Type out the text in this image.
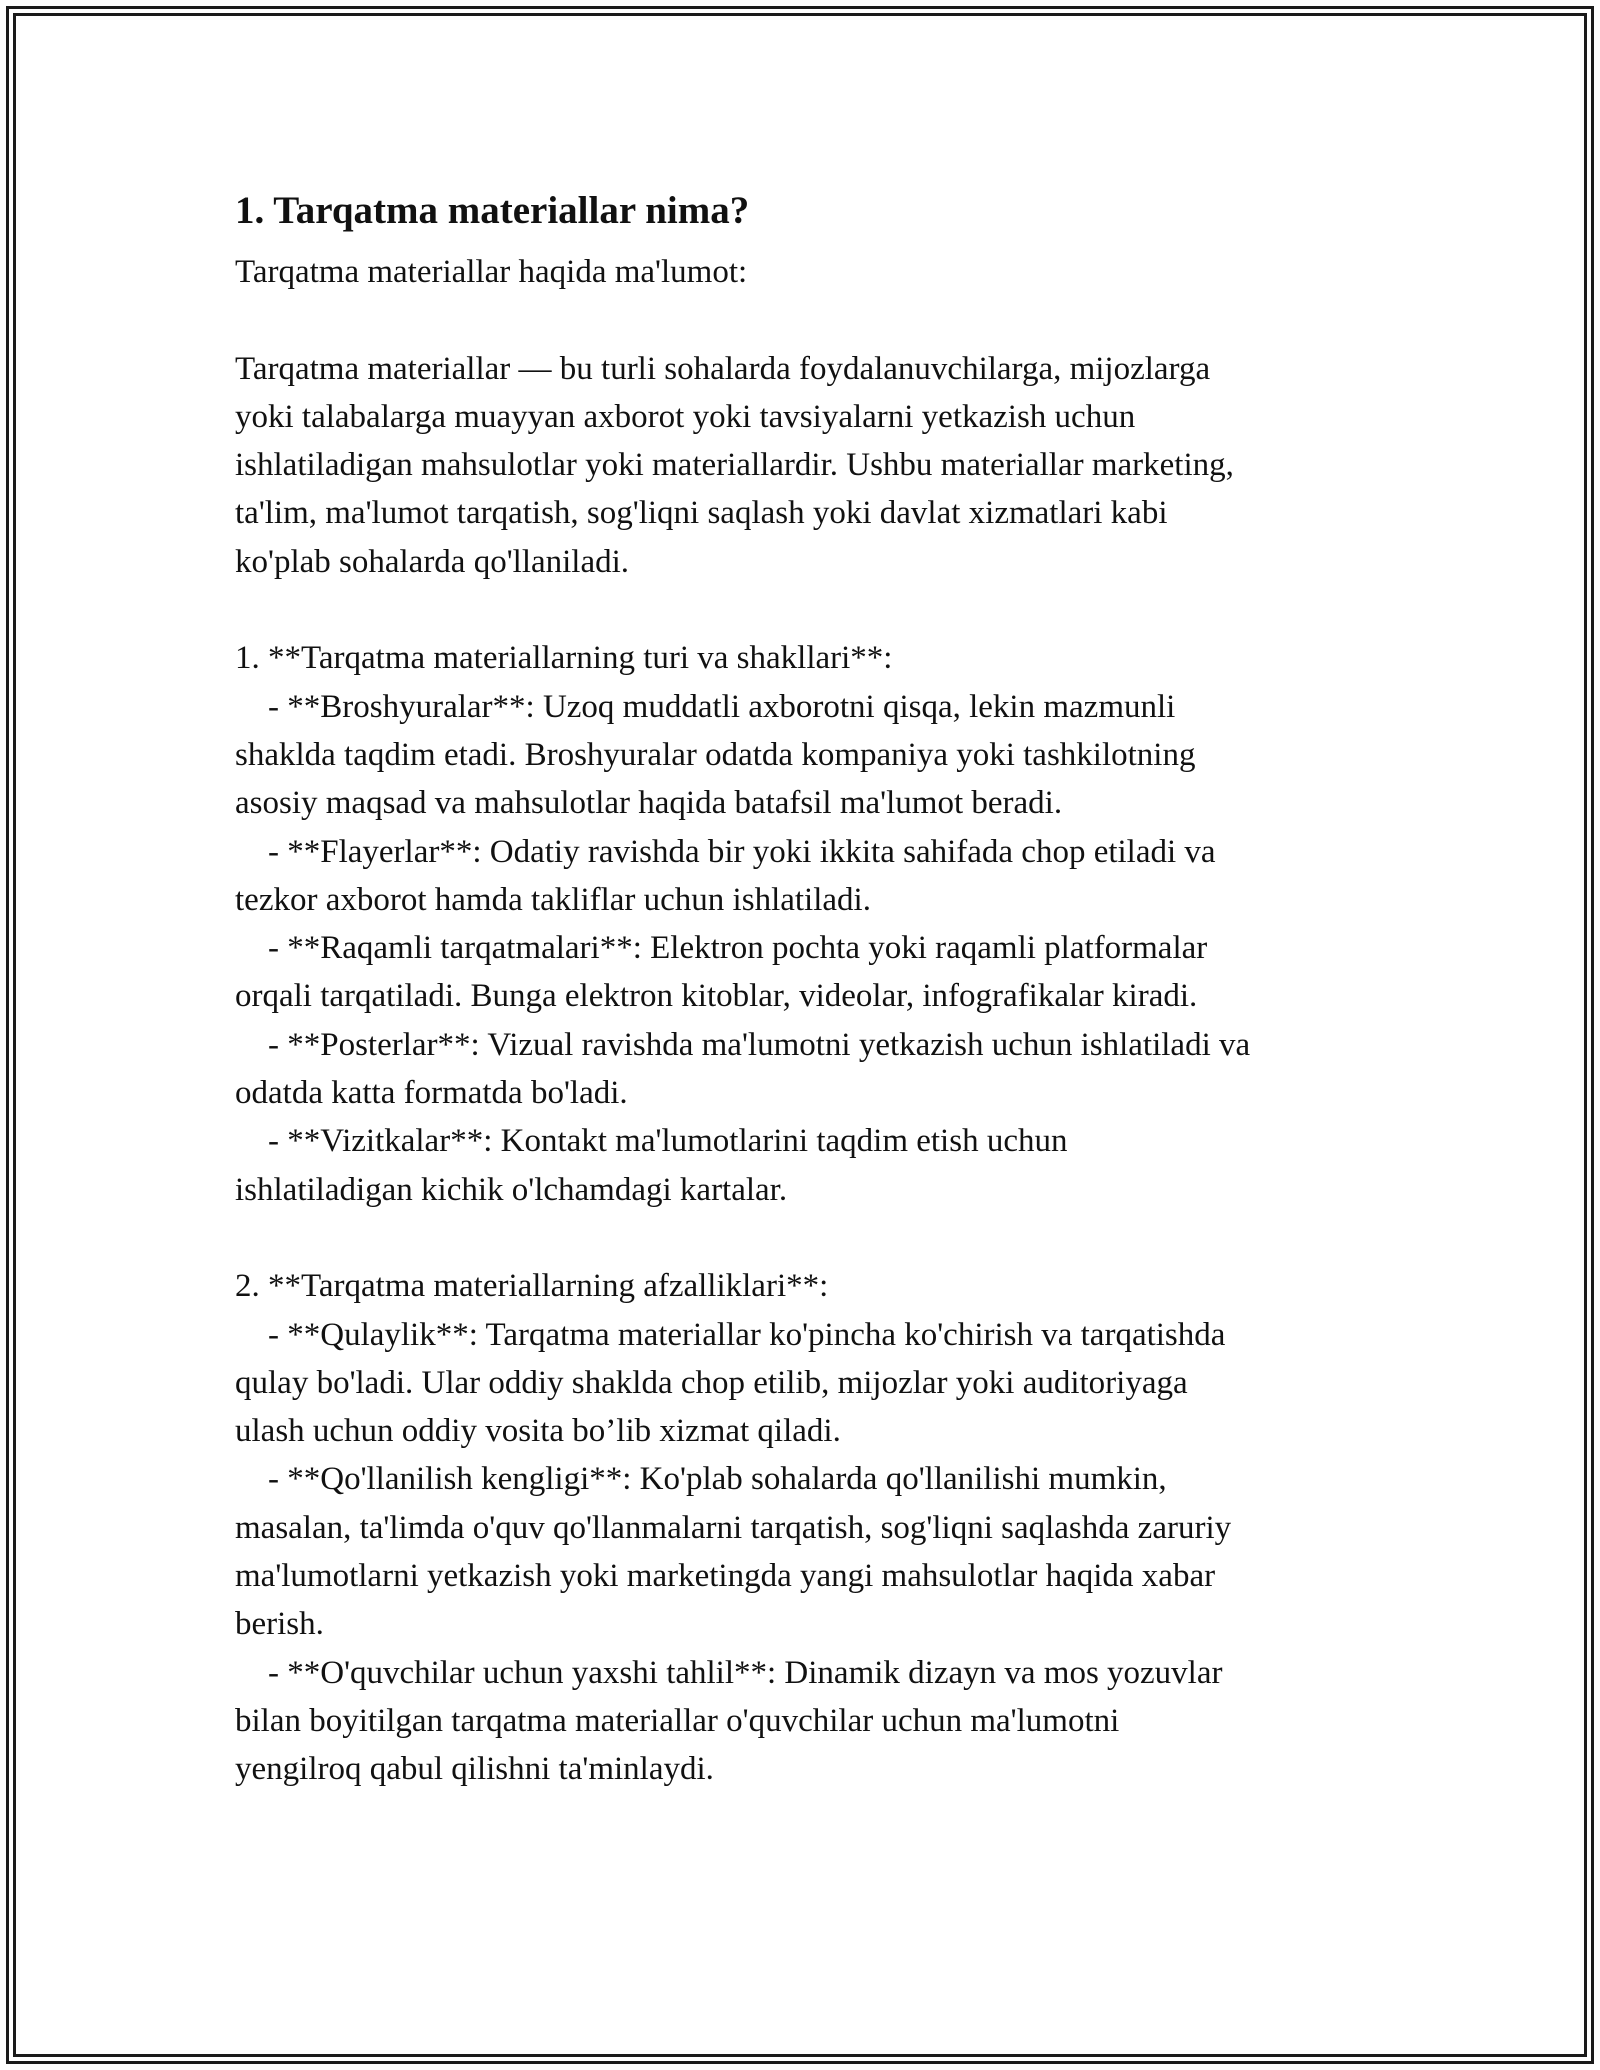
1. Tarqatma materiallar nima?

Tarqatma materiallar haqida ma'lumot:

Tarqatma materiallar — bu turli sohalarda foydalanuvchilarga, mijozlarga

yoki talabalarga muayyan axborot yoki tavsiyalarni yetkazish uchun

ishlatiladigan mahsulotlar yoki materiallardir. Ushbu materiallar marketing,

ta'lim, ma'lumot tarqatish, sog'liqni saqlash yoki davlat xizmatlari kabi

ko'plab sohalarda qo'llaniladi.

1. **Tarqatma materiallarning turi va shakllari**:

- **Broshyuralar**: Uzoq muddatli axborotni qisqa, lekin mazmunli

shaklda taqdim etadi. Broshyuralar odatda kompaniya yoki tashkilotning

asosiy maqsad va mahsulotlar haqida batafsil ma'lumot beradi.

- **Flayerlar**: Odatiy ravishda bir yoki ikkita sahifada chop etiladi va

tezkor axborot hamda takliflar uchun ishlatiladi.

- **Raqamli tarqatmalari**: Elektron pochta yoki raqamli platformalar

orqali tarqatiladi. Bunga elektron kitoblar, videolar, infografikalar kiradi.

- **Posterlar**: Vizual ravishda ma'lumotni yetkazish uchun ishlatiladi va

odatda katta formatda bo'ladi.

- **Vizitkalar**: Kontakt ma'lumotlarini taqdim etish uchun

ishlatiladigan kichik o'lchamdagi kartalar.

2. **Tarqatma materiallarning afzalliklari**:

- **Qulaylik**: Tarqatma materiallar ko'pincha ko'chirish va tarqatishda

qulay bo'ladi. Ular oddiy shaklda chop etilib, mijozlar yoki auditoriyaga

ulash uchun oddiy vosita bo’lib xizmat qiladi.

- **Qo'llanilish kengligi**: Ko'plab sohalarda qo'llanilishi mumkin,

masalan, ta'limda o'quv qo'llanmalarni tarqatish, sog'liqni saqlashda zaruriy

ma'lumotlarni yetkazish yoki marketingda yangi mahsulotlar haqida xabar

berish.

- **O'quvchilar uchun yaxshi tahlil**: Dinamik dizayn va mos yozuvlar

bilan boyitilgan tarqatma materiallar o'quvchilar uchun ma'lumotni

yengilroq qabul qilishni ta'minlaydi.
